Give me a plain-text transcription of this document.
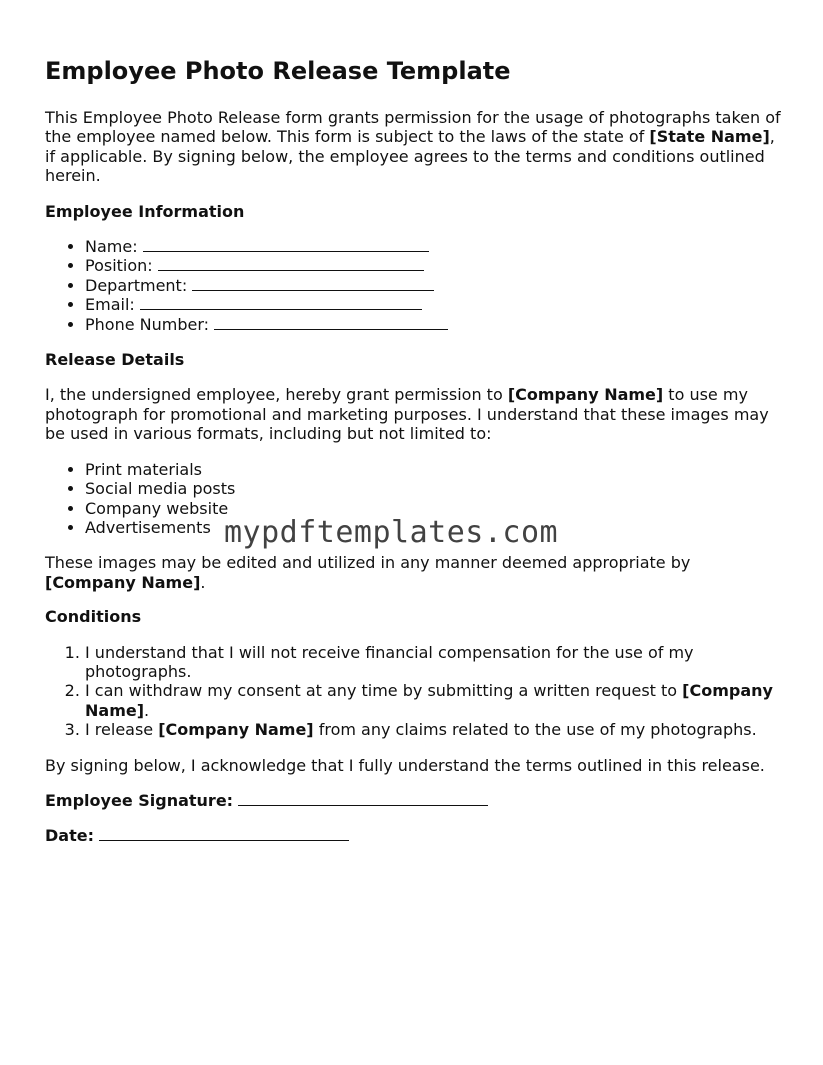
Employee Photo Release Template

This Employee Photo Release form grants permission for the usage of photographs taken of the employee named below. This form is subject to the laws of the state of [State Name], if applicable. By signing below, the employee agrees to the terms and conditions outlined herein.

Employee Information
• Name:
• Position:
• Department:
• Email:
• Phone Number:
Release Details

I, the undersigned employee, hereby grant permission to [Company Name] to use my photograph for promotional and marketing purposes. I understand that these images may be used in various formats, including but not limited to:

• Print materials
• Social media posts
• Company website
• Advertisements

These images may be edited and utilized in any manner deemed appropriate by [Company Name].

Conditions
1. I understand that I will not receive financial compensation for the use of my photographs.
2. I can withdraw my consent at any time by submitting a written request to [Company Name].
3. I release [Company Name] from any claims related to the use of my photographs.

By signing below, I acknowledge that I fully understand the terms outlined in this release.

Employee Signature:
Date:
mypdftemplates.com
